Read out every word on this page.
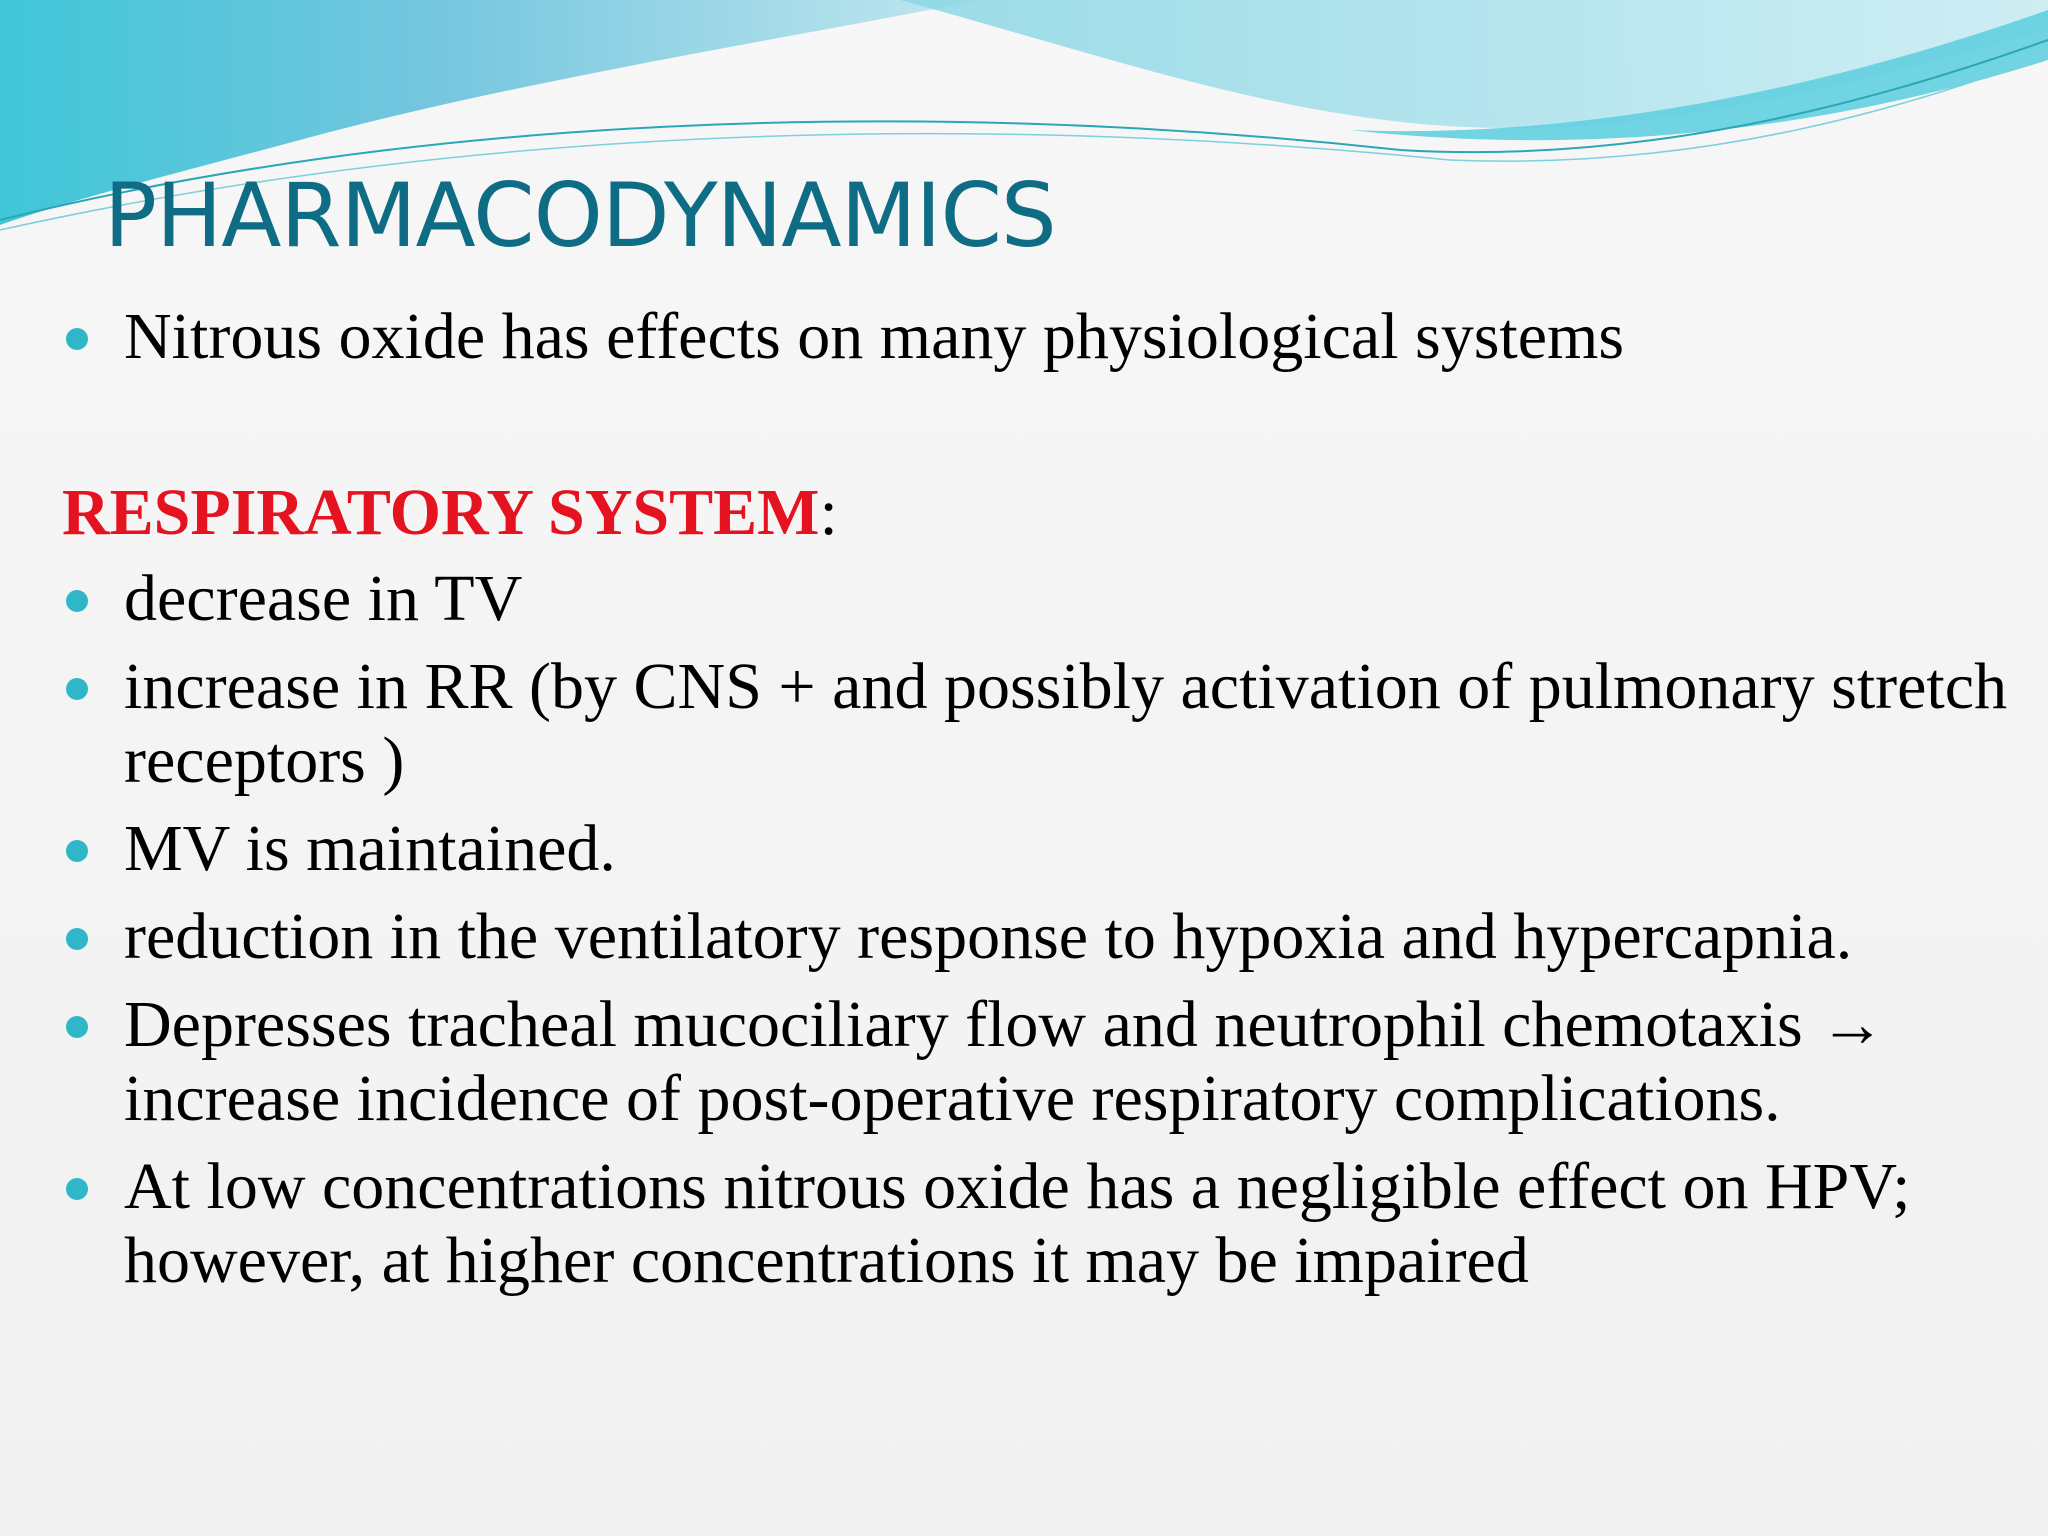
PHARMACODYNAMICS

Nitrous oxide has effects on many physiological systems

RESPIRATORY SYSTEM:

decrease in TV

increase in RR (by CNS + and possibly activation of pulmonary stretch receptors )

MV is maintained.

reduction in the ventilatory response to hypoxia and hypercapnia.

Depresses tracheal mucociliary flow and neutrophil chemotaxis → increase incidence of post-operative respiratory complications.

At low concentrations nitrous oxide has a negligible effect on HPV; however, at higher concentrations it may be impaired
